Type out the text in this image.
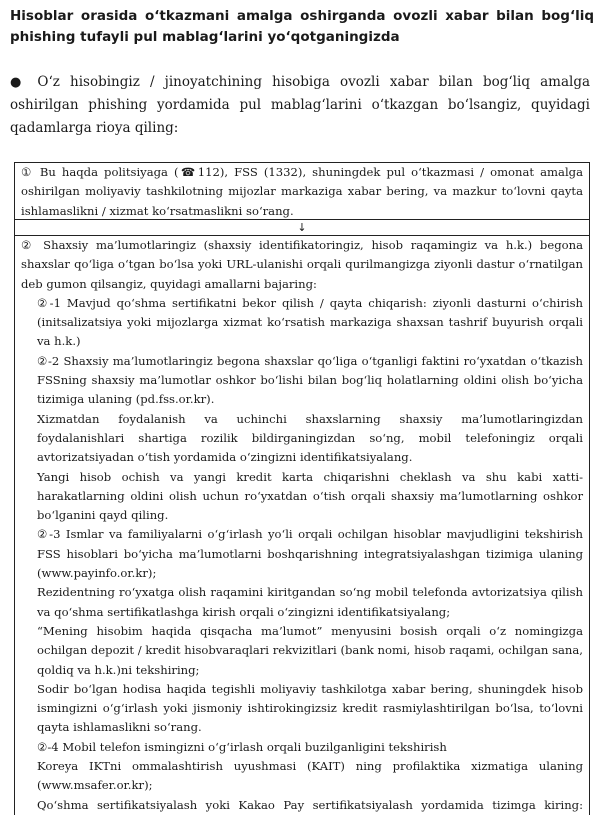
Hisoblar orasida o‘tkazmani amalga oshirganda ovozli xabar bilan bog‘liq phishing tufayli pul mablag‘larini yo‘qotganingizda
● O‘z hisobingiz / jinoyatchining hisobiga ovozli xabar bilan bog‘liq amalga oshirilgan phishing yordamida pul mablag‘larini o‘tkazgan bo‘lsangiz, quyidagi qadamlarga rioya qiling:
① Bu haqda politsiyaga (☎112), FSS (1332), shuningdek pul o‘tkazmasi / omonat amalga oshirilgan moliyaviy tashkilotning mijozlar markaziga xabar bering, va mazkur to‘lovni qayta ishlamaslikni / xizmat ko‘rsatmaslikni so‘rang.
↓

② Shaxsiy ma’lumotlaringiz (shaxsiy identifikatoringiz, hisob raqamingiz va h.k.) begona shaxslar qo‘liga o‘tgan bo‘lsa yoki URL-ulanishi orqali qurilmangizga ziyonli dastur o‘rnatilgan deb gumon qilsangiz, quyidagi amallarni bajaring:

②-1 Mavjud qo‘shma sertifikatni bekor qilish / qayta chiqarish: ziyonli dasturni o‘chirish (initsalizatsiya yoki mijozlarga xizmat ko‘rsatish markaziga shaxsan tashrif buyurish orqali va h.k.)

②-2 Shaxsiy ma’lumotlaringiz begona shaxslar qo‘liga o‘tganligi faktini ro‘yxatdan o‘tkazish FSSning shaxsiy ma’lumotlar oshkor bo‘lishi bilan bog‘liq holatlarning oldini olish bo‘yicha tizimiga ulaning (pd.fss.or.kr).

Xizmatdan foydalanish va uchinchi shaxslarning shaxsiy ma’lumotlaringizdan foydalanishlari shartiga rozilik bildirganingizdan so‘ng, mobil telefoningiz orqali avtorizatsiyadan o‘tish yordamida o‘zingizni identifikatsiyalang.

Yangi hisob ochish va yangi kredit karta chiqarishni cheklash va shu kabi xatti-harakatlarning oldini olish uchun ro‘yxatdan o‘tish orqali shaxsiy ma’lumotlarning oshkor bo‘lganini qayd qiling.

②-3 Ismlar va familiyalarni o‘g‘irlash yo‘li orqali ochilgan hisoblar mavjudligini tekshirish FSS hisoblari bo‘yicha ma’lumotlarni boshqarishning integratsiyalashgan tizimiga ulaning (www.payinfo.or.kr);

Rezidentning ro‘yxatga olish raqamini kiritgandan so‘ng mobil telefonda avtorizatsiya qilish va qo‘shma sertifikatlashga kirish orqali o‘zingizni identifikatsiyalang;

“Mening hisobim haqida qisqacha ma’lumot” menyusini bosish orqali o‘z nomingizga ochilgan depozit / kredit hisobvaraqlari rekvizitlari (bank nomi, hisob raqami, ochilgan sana, qoldiq va h.k.)ni tekshiring;

Sodir bo‘lgan hodisa haqida tegishli moliyaviy tashkilotga xabar bering, shuningdek hisob ismingizni o‘g‘irlash yoki jismoniy ishtirokingizsiz kredit rasmiylashtirilgan bo‘lsa, to‘lovni qayta ishlamaslikni so‘rang.

②-4 Mobil telefon ismingizni o‘g‘irlash orqali buzilganligini tekshirish

Koreya IKTni ommalashtirish uyushmasi (KAIT) ning profilaktika xizmatiga ulaning (www.msafer.or.kr);

Qo‘shma sertifikatsiyalash yoki Kakao Pay sertifikatsiyalash yordamida tizimga kiring:
